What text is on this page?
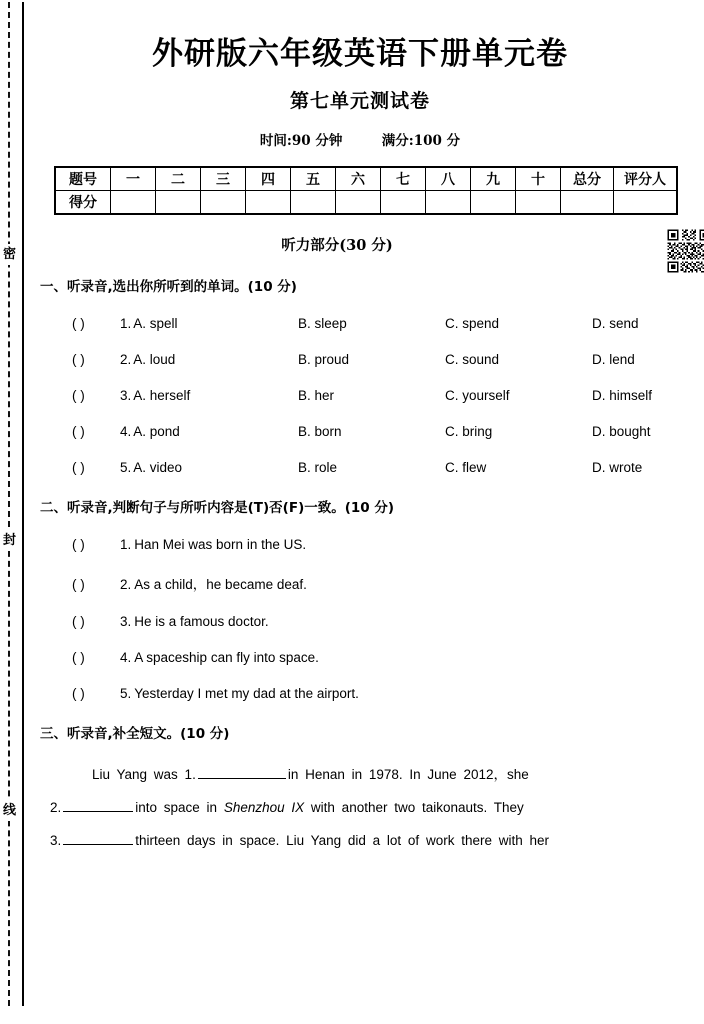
密
封
线
外研版六年级英语下册单元卷
第七单元测试卷
时间:90 分钟	满分:100 分
题号	一	二	三	四	五	六	七	八	九	十	总分	评分人
得分												
听力部分(30 分)
一、听录音,选出你所听到的单词。(10 分)
( )	1. A. spell	B. sleep	C. spend	D. send
( )	2. A. loud	B. proud	C. sound	D. lend
( )	3. A. herself	B. her	C. yourself	D. himself
( )	4. A. pond	B. born	C. bring	D. bought
( )	5. A. video	B. role	C. flew	D. wrote
二、听录音,判断句子与所听内容是(T)否(F)一致。(10 分)
( )	1. Han Mei was born in the US.
( )	2. As a child，he became deaf.
( )	3. He is a famous doctor.
( )	4. A spaceship can fly into space.
( )	5. Yesterday I met my dad at the airport.
三、听录音,补全短文。(10 分)
Liu Yang was 1.	in Henan in 1978. In June 2012，she
2.	into space in Shenzhou IX with another two taikonauts. They
3.	thirteen days in space. Liu Yang did a lot of work there with her
